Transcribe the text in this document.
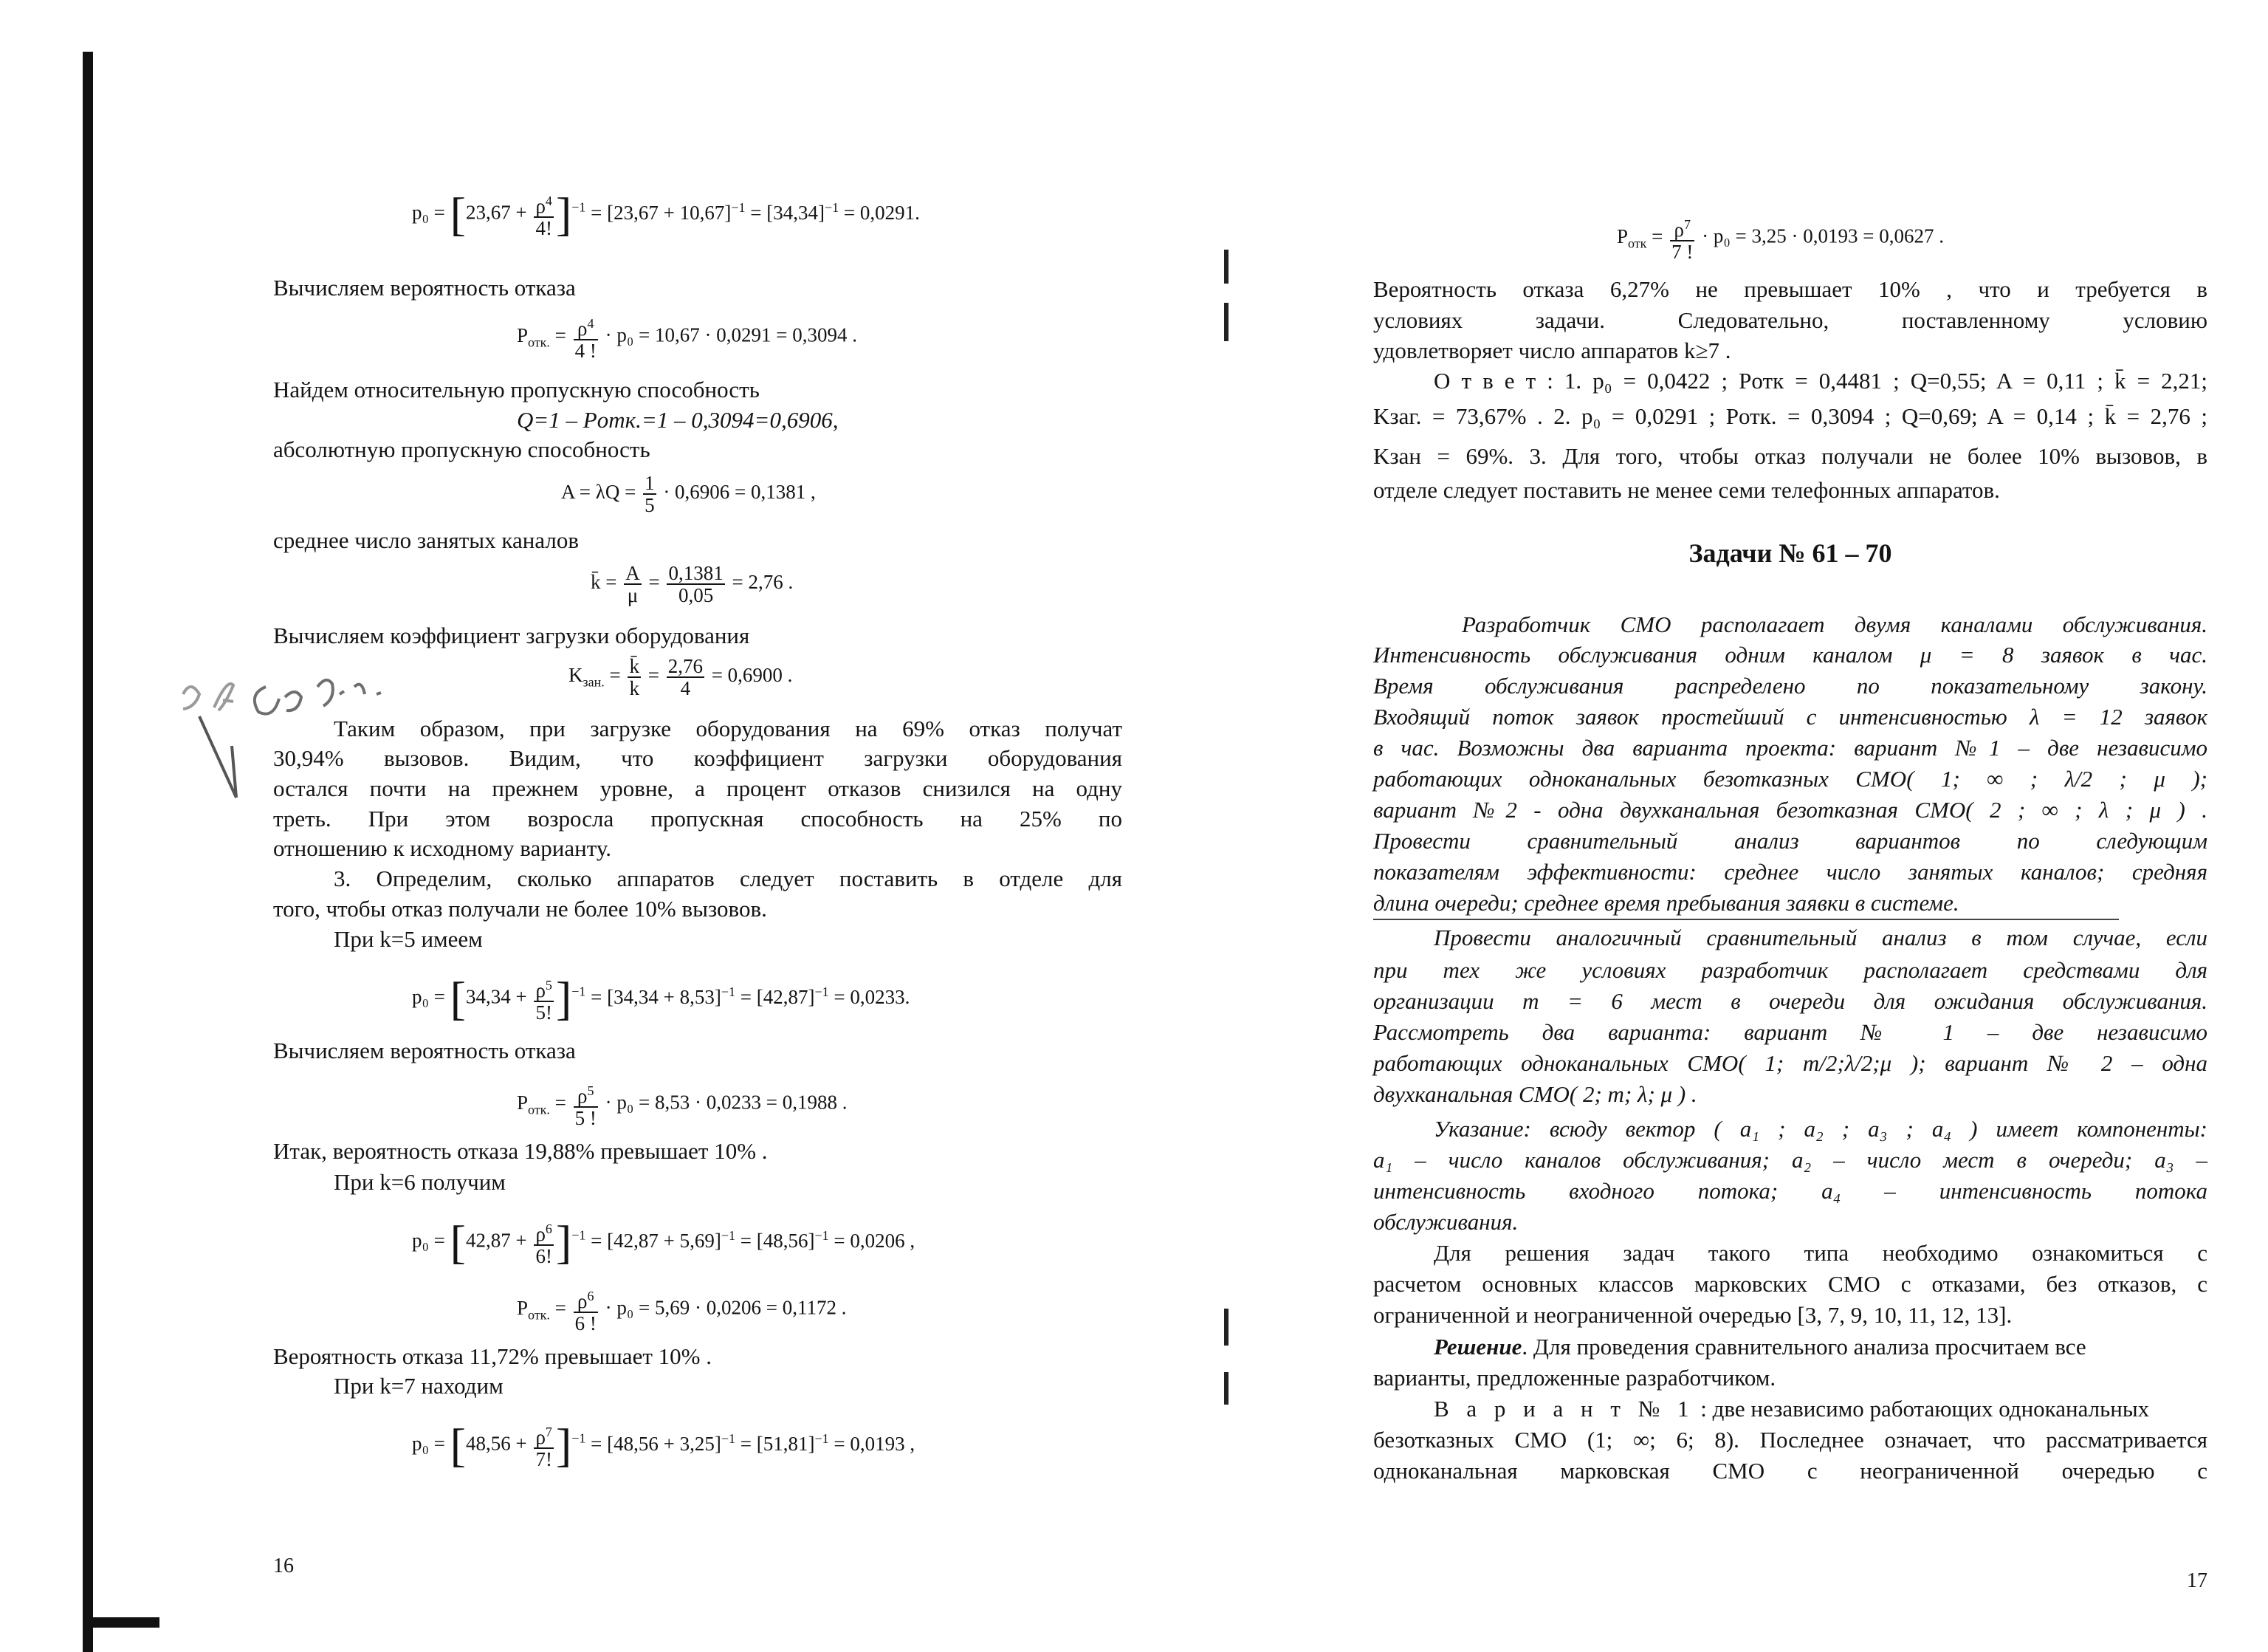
$p_0 = [23,67 + \frac{\rho^4}{4!} ]^{-1} = [23,67 + 10,67]^{-1} = [34,34]^{-1} = 0,0291$.
Вычисляем вероятность отказа
$P_{отк.} = \frac{\rho^4}{4 !} \cdot p_0 = 10,67 \cdot 0,0291 = 0,3094$ .
Найдем относительную пропускную способность
Q=1 – Pотк.=1 – 0,3094=0,6906,
абсолютную пропускную способность
$A = \lambda Q = \frac{1}{5} \cdot 0,6906 = 0,1381$ ,
среднее число занятых каналов
k̄ = $\frac{A}{\mu} = \frac{0,1381}{0,05} = 2,76$ .
Вычисляем коэффициент загрузки оборудования
$K_{зан.} = \frac{k̄}{k} = \frac{2,76}{4} = 0,6900$ .
Таким образом, при загрузке оборудования на 69% отказ получат
30,94% вызовов. Видим, что коэффициент загрузки оборудования
остался почти на прежнем уровне, а процент отказов снизился на одну
треть. При этом возросла пропускная способность на 25% по
отношению к исходному варианту.
3. Определим, сколько аппаратов следует поставить в отделе для
того, чтобы отказ получали не более 10% вызовов.
При k=5 имеем
$p_0 = [34,34 + \frac{\rho^5}{5!} ]^{-1} = [34,34 + 8,53]^{-1} = [42,87]^{-1} = 0,0233$.
Вычисляем вероятность отказа
$P_{отк.} = \frac{\rho^5}{5 !} \cdot p_0 = 8,53 \cdot 0,0233 = 0,1988$ .
Итак, вероятность отказа 19,88% превышает 10% .
При k=6 получим
$p_0 = [42,87 + \frac{\rho^6}{6!} ]^{-1} = [42,87 + 5,69]^{-1} = [48,56]^{-1} = 0,0206$ ,
$P_{отк.} = \frac{\rho^6}{6 !} \cdot p_0 = 5,69 \cdot 0,0206 = 0,1172$ .
Вероятность отказа 11,72% превышает 10% .
При k=7 находим
$p_0 = [48,56 + \frac{\rho^7}{7!} ]^{-1} = [48,56 + 3,25]^{-1} = [51,81]^{-1} = 0,0193$ ,
16
$P_{отк} = \frac{\rho^7}{7 !} \cdot p_0 = 3,25 \cdot 0,0193 = 0,0627$ .
Вероятность отказа 6,27% не превышает 10% , что и требуется в
условиях задачи. Следовательно, поставленному условию
удовлетворяет число аппаратов k≥7 .
О т в е т : 1. p₀ = 0,0422 ; Pотк = 0,4481 ; Q=0,55; A = 0,11 ; k̄ = 2,21;
Kзаг. = 73,67% . 2. p₀ = 0,0291 ; Pотк. = 0,3094 ; Q=0,69; A = 0,14 ; k̄ = 2,76 ;
Kзан = 69%. 3. Для того, чтобы отказ получали не более 10% вызовов, в
отделе следует поставить не менее семи телефонных аппаратов.
Задачи № 61 – 70
Разработчик СМО располагает двумя каналами обслуживания.
Интенсивность обслуживания одним каналом μ = 8 заявок в час.
Время обслуживания распределено по показательному закону.
Входящий поток заявок простейший с интенсивностью λ = 12 заявок
в час. Возможны два варианта проекта: вариант №1 – две независимо
работающих одноканальных безотказных СМО( 1; ∞ ; λ/2 ; μ );
вариант №2 - одна двухканальная безотказная СМО( 2 ; ∞ ; λ ; μ ) .
Провести сравнительный анализ вариантов по следующим
показателям эффективности: среднее число занятых каналов; средняя
длина очереди; среднее время пребывания заявки в системе.
Провести аналогичный сравнительный анализ в том случае, если
при тех же условиях разработчик располагает средствами для
организации m = 6 мест в очереди для ожидания обслуживания.
Рассмотреть два варианта: вариант № 1 – две независимо
работающих одноканальных СМО( 1; m/2;λ/2;μ ); вариант № 2 – одна
двухканальная СМО( 2; m; λ; μ ) .
Указание: всюду вектор ( a₁ ; a₂ ; a₃ ; a₄ ) имеет компоненты:
a₁ – число каналов обслуживания; a₂ – число мест в очереди; a₃ –
интенсивность входного потока; a₄ – интенсивность потока
обслуживания.
Для решения задач такого типа необходимо ознакомиться с
расчетом основных классов марковских СМО с отказами, без отказов, с
ограниченной и неограниченной очередью [3, 7, 9, 10, 11, 12, 13].
Решение. Для проведения сравнительного анализа просчитаем все
варианты, предложенные разработчиком.
В а р и а н т № 1 : две независимо работающих одноканальных
безотказных СМО (1; ∞; 6; 8). Последнее означает, что рассматривается
одноканальная марковская СМО с неограниченной очередью с
17
